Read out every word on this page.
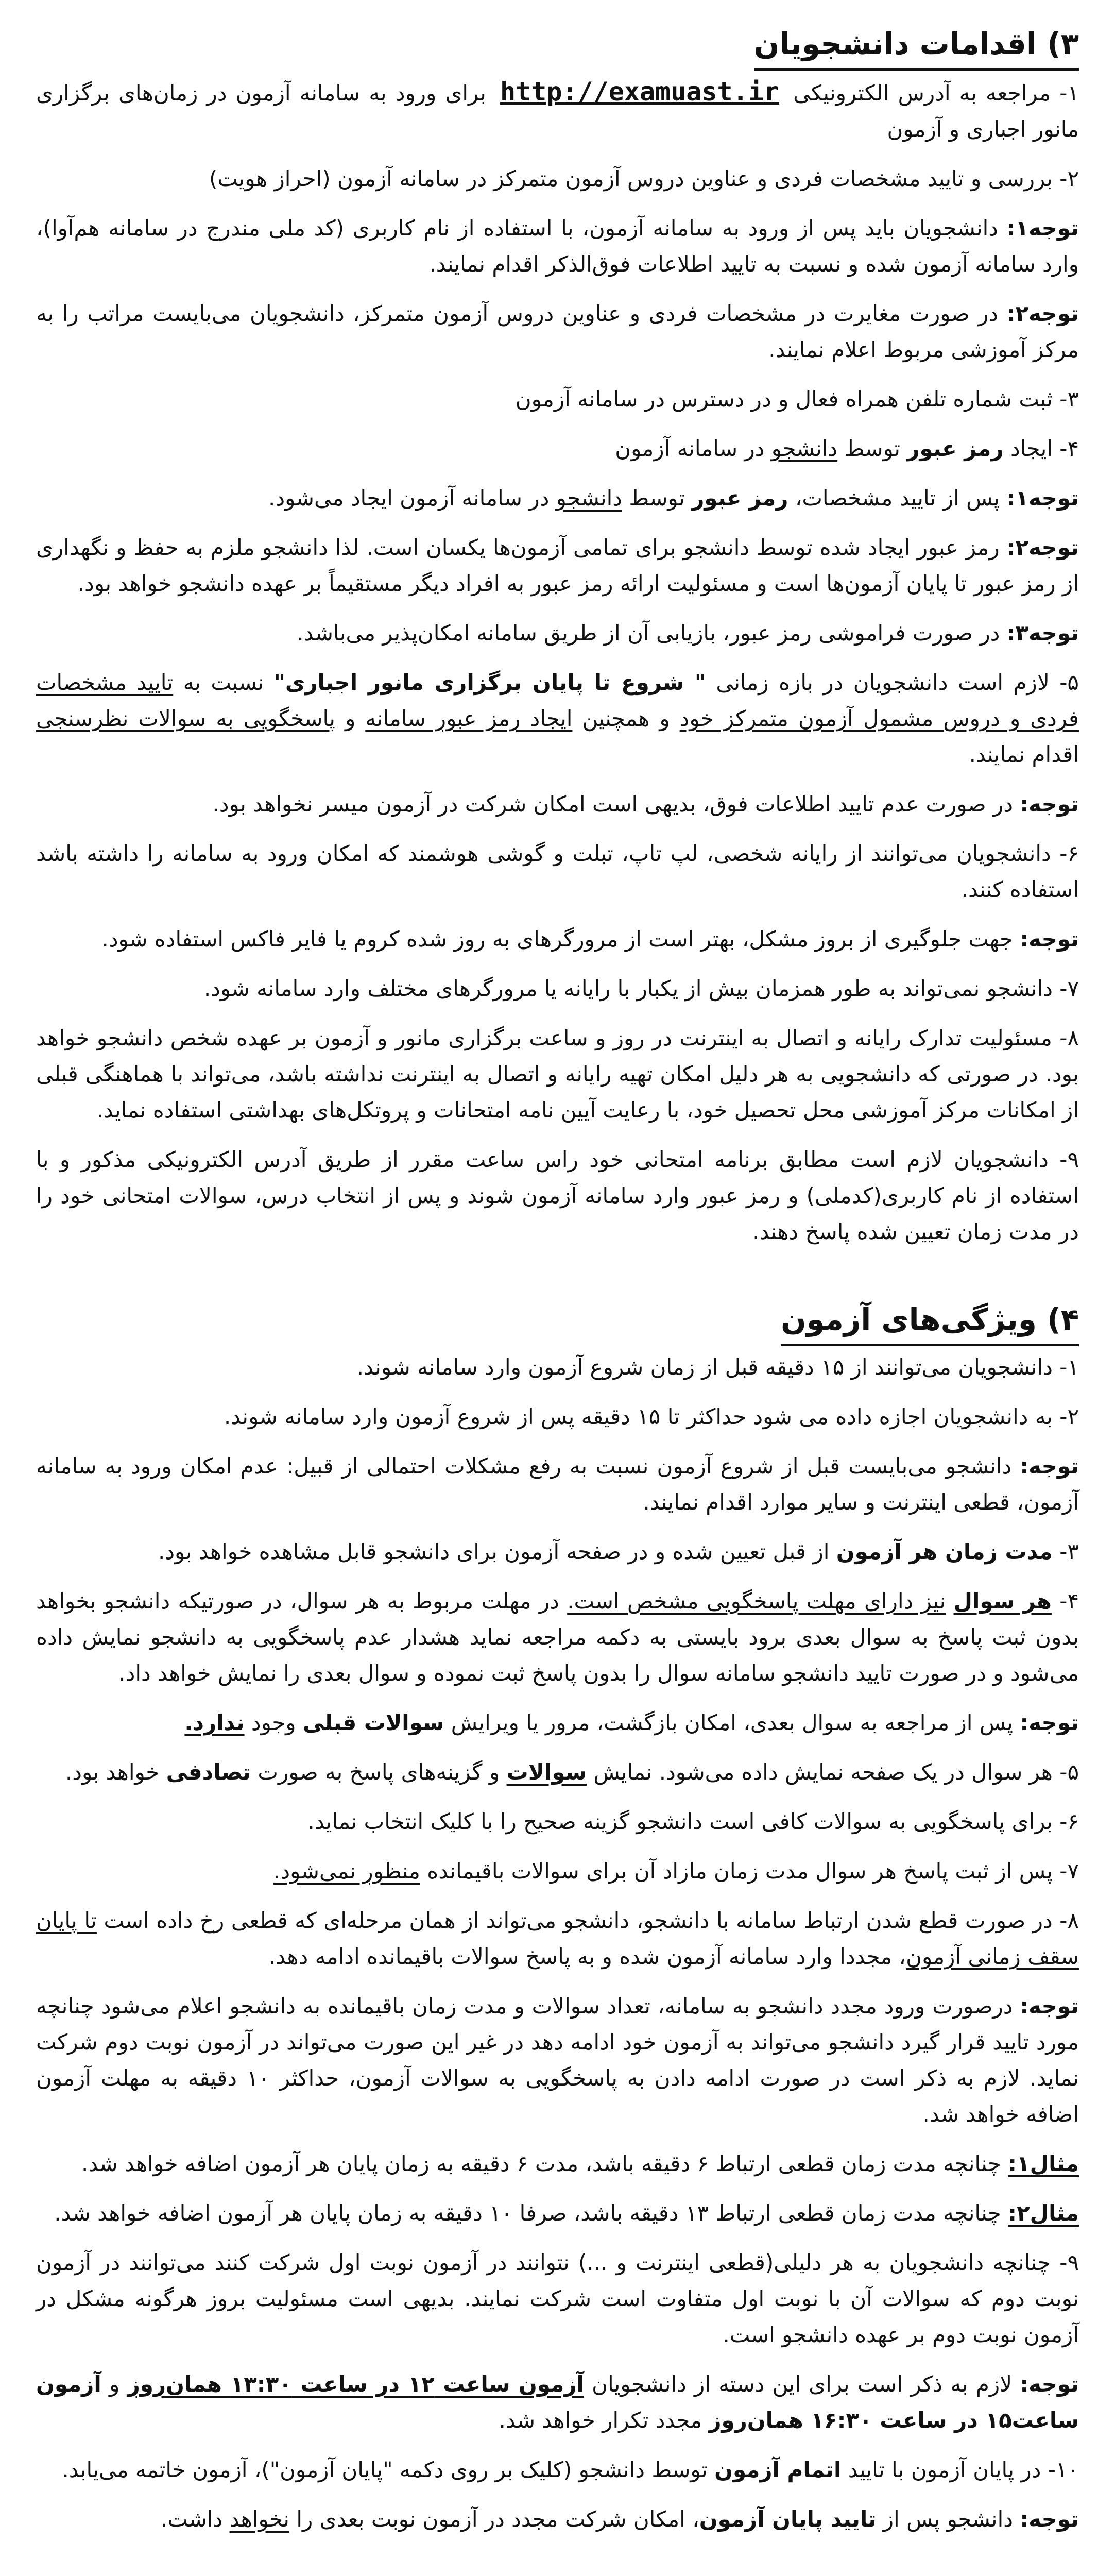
۳) اقدامات دانشجویان

۱- مراجعه به آدرس الکترونیکی http://examuast.ir برای ورود به سامانه آزمون در زمان‌های برگزاری مانور اجباری و آزمون

۲- بررسی و تایید مشخصات فردی و عناوین دروس آزمون متمرکز در سامانه آزمون (احراز هویت)

توجه۱: دانشجویان باید پس از ورود به سامانه آزمون، با استفاده از نام کاربری (کد ملی مندرج در سامانه هم‌آوا)، وارد سامانه آزمون شده و نسبت به تایید اطلاعات فوق‌الذکر اقدام نمایند.

توجه۲: در صورت مغایرت در مشخصات فردی و عناوین دروس آزمون متمرکز، دانشجویان می‌بایست مراتب را به مرکز آموزشی مربوط اعلام نمایند.

۳- ثبت شماره تلفن همراه فعال و در دسترس در سامانه آزمون

۴- ایجاد رمز عبور توسط دانشجو در سامانه آزمون

توجه۱: پس از تایید مشخصات، رمز عبور توسط دانشجو در سامانه آزمون ایجاد می‌شود.

توجه۲: رمز عبور ایجاد شده توسط دانشجو برای تمامی آزمون‌ها یکسان است. لذا دانشجو ملزم به حفظ و نگهداری از رمز عبور تا پایان آزمون‌ها است و مسئولیت ارائه رمز عبور به افراد دیگر مستقیماً بر عهده دانشجو خواهد بود.

توجه۳: در صورت فراموشی رمز عبور، بازیابی آن از طریق سامانه امکان‌پذیر می‌باشد.

۵- لازم است دانشجویان در بازه زمانی " شروع تا پایان برگزاری مانور اجباری" نسبت به تایید مشخصات فردی و دروس مشمول آزمون متمرکز خود و همچنین ایجاد رمز عبور سامانه و پاسخگویی به سوالات نظرسنجی اقدام نمایند.

توجه: در صورت عدم تایید اطلاعات فوق، بدیهی است امکان شرکت در آزمون میسر نخواهد بود.

۶- دانشجویان می‌توانند از رایانه شخصی، لپ تاپ، تبلت و گوشی هوشمند که امکان ورود به سامانه را داشته باشد استفاده کنند.

توجه: جهت جلوگیری از بروز مشکل، بهتر است از مرورگرهای به روز شده کروم یا فایر فاکس استفاده شود.

۷- دانشجو نمی‌تواند به طور همزمان بیش از یکبار با رایانه یا مرورگرهای مختلف وارد سامانه شود.

۸- مسئولیت تدارک رایانه و اتصال به اینترنت در روز و ساعت برگزاری مانور و آزمون بر عهده شخص دانشجو خواهد بود. در صورتی که دانشجویی به هر دلیل امکان تهیه رایانه و اتصال به اینترنت نداشته باشد، می‌تواند با هماهنگی قبلی از امکانات مرکز آموزشی محل تحصیل خود، با رعایت آیین نامه امتحانات و پروتکل‌های بهداشتی استفاده نماید.

۹- دانشجویان لازم است مطابق برنامه امتحانی خود راس ساعت مقرر از طریق آدرس الکترونیکی مذکور و با استفاده از نام کاربری(کدملی) و رمز عبور وارد سامانه آزمون شوند و پس از انتخاب درس، سوالات امتحانی خود را در مدت زمان تعیین شده پاسخ دهند.

۴) ویژگی‌های آزمون

۱- دانشجویان می‌توانند از ۱۵ دقیقه قبل از زمان شروع آزمون وارد سامانه شوند.

۲- به دانشجویان اجازه داده می شود حداکثر تا ۱۵ دقیقه پس از شروع آزمون وارد سامانه شوند.

توجه: دانشجو می‌بایست قبل از شروع آزمون نسبت به رفع مشکلات احتمالی از قبیل: عدم امکان ورود به سامانه آزمون، قطعی اینترنت و سایر موارد اقدام نمایند.

۳- مدت زمان هر آزمون از قبل تعیین شده و در صفحه آزمون برای دانشجو قابل مشاهده خواهد بود.

۴- هر سوال نیز دارای مهلت پاسخگویی مشخص است. در مهلت مربوط به هر سوال، در صورتیکه دانشجو بخواهد بدون ثبت پاسخ به سوال بعدی برود بایستی به دکمه مراجعه نماید هشدار عدم پاسخگویی به دانشجو نمایش داده می‌شود و در صورت تایید دانشجو سامانه سوال را بدون پاسخ ثبت نموده و سوال بعدی را نمایش خواهد داد.

توجه: پس از مراجعه به سوال بعدی، امکان بازگشت، مرور یا ویرایش سوالات قبلی وجود ندارد.

۵- هر سوال در یک صفحه نمایش داده می‌شود. نمایش سوالات و گزینه‌های پاسخ به صورت تصادفی خواهد بود.

۶- برای پاسخگویی به سوالات کافی است دانشجو گزینه صحیح را با کلیک انتخاب نماید.

۷- پس از ثبت پاسخ هر سوال مدت زمان مازاد آن برای سوالات باقیمانده منظور نمی‌شود.

۸- در صورت قطع شدن ارتباط سامانه با دانشجو، دانشجو می‌تواند از همان مرحله‌ای که قطعی رخ داده است تا پایان سقف زمانی آزمون، مجددا وارد سامانه آزمون شده و به پاسخ سوالات باقیمانده ادامه دهد.

توجه: درصورت ورود مجدد دانشجو به سامانه، تعداد سوالات و مدت زمان باقیمانده به دانشجو اعلام می‌شود چنانچه مورد تایید قرار گیرد دانشجو می‌تواند به آزمون خود ادامه دهد در غیر این صورت می‌تواند در آزمون نوبت دوم شرکت نماید. لازم به ذکر است در صورت ادامه دادن به پاسخگویی به سوالات آزمون، حداکثر ۱۰ دقیقه به مهلت آزمون اضافه خواهد شد.

مثال۱: چنانچه مدت زمان قطعی ارتباط ۶ دقیقه باشد، مدت ۶ دقیقه به زمان پایان هر آزمون اضافه خواهد شد.

مثال۲: چنانچه مدت زمان قطعی ارتباط ۱۳ دقیقه باشد، صرفا ۱۰ دقیقه به زمان پایان هر آزمون اضافه خواهد شد.

۹- چنانچه دانشجویان به هر دلیلی(قطعی اینترنت و ...) نتوانند در آزمون نوبت اول شرکت کنند می‌توانند در آزمون نوبت دوم که سوالات آن با نوبت اول متفاوت است شرکت نمایند. بدیهی است مسئولیت بروز هرگونه مشکل در آزمون نوبت دوم بر عهده دانشجو است.

توجه: لازم به ذکر است برای این دسته از دانشجویان آزمون ساعت ۱۲ در ساعت ۱۳:۳۰ همان‌روز و آزمون ساعت۱۵ در ساعت ۱۶:۳۰ همان‌روز مجدد تکرار خواهد شد.

۱۰- در پایان آزمون با تایید اتمام آزمون توسط دانشجو (کلیک بر روی دکمه "پایان آزمون")، آزمون خاتمه می‌یابد.

توجه: دانشجو پس از تایید پایان آزمون، امکان شرکت مجدد در آزمون نوبت بعدی را نخواهد داشت.
